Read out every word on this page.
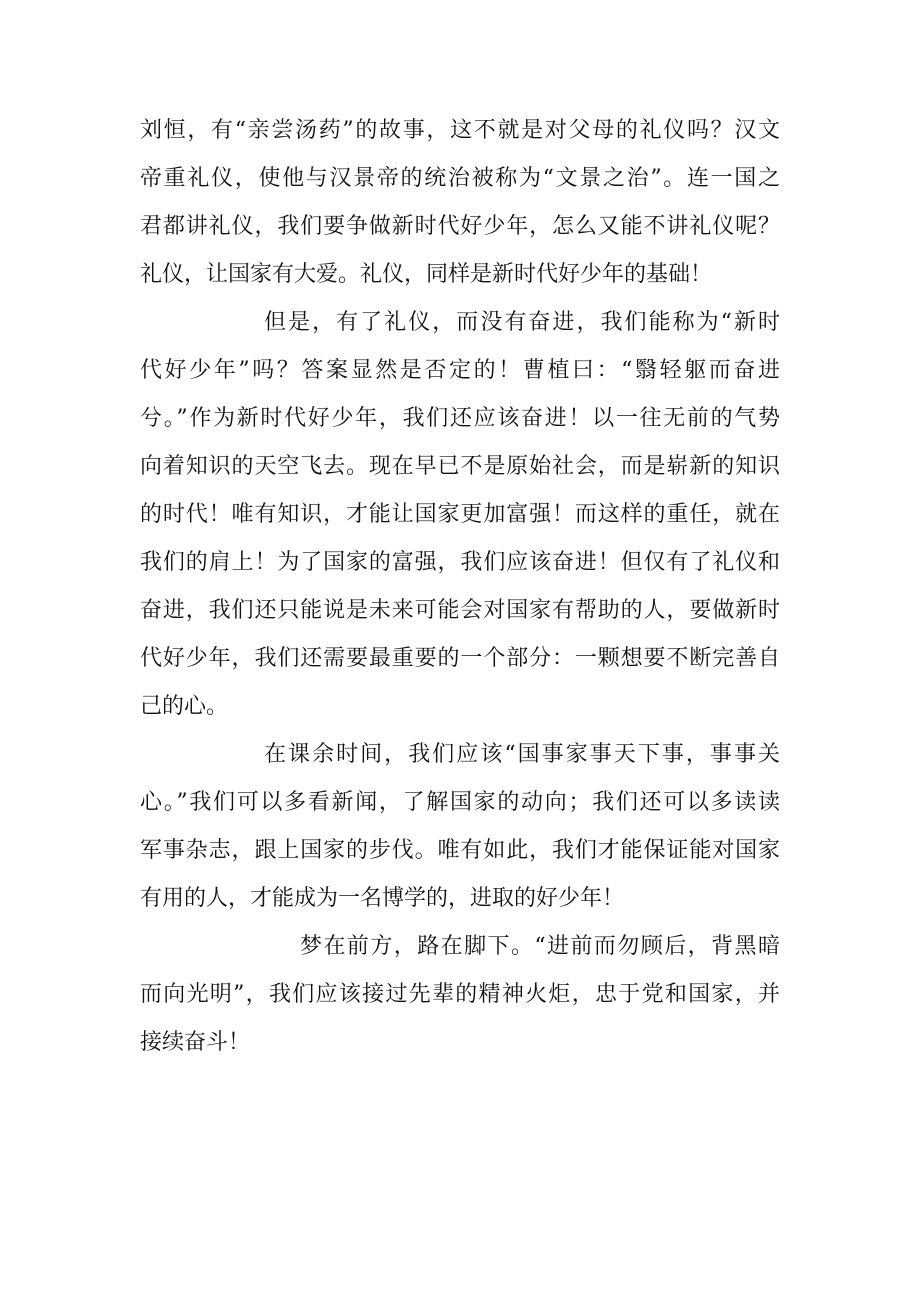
刘恒，有“亲尝汤药”的故事，这不就是对父母的礼仪吗？汉文
帝重礼仪，使他与汉景帝的统治被称为“文景之治”。连一国之
君都讲礼仪，我们要争做新时代好少年，怎么又能不讲礼仪呢？
礼仪，让国家有大爱。礼仪，同样是新时代好少年的基础！
但是，有了礼仪，而没有奋进，我们能称为“新时
代好少年”吗？答案显然是否定的！曹植曰：“翳轻躯而奋进
兮。”作为新时代好少年，我们还应该奋进！以一往无前的气势
向着知识的天空飞去。现在早已不是原始社会，而是崭新的知识
的时代！唯有知识，才能让国家更加富强！而这样的重任，就在
我们的肩上！为了国家的富强，我们应该奋进！但仅有了礼仪和
奋进，我们还只能说是未来可能会对国家有帮助的人，要做新时
代好少年，我们还需要最重要的一个部分：一颗想要不断完善自
己的心。
在课余时间，我们应该“国事家事天下事，事事关
心。”我们可以多看新闻，了解国家的动向；我们还可以多读读
军事杂志，跟上国家的步伐。唯有如此，我们才能保证能对国家
有用的人，才能成为一名博学的，进取的好少年！
梦在前方，路在脚下。“进前而勿顾后，背黑暗
而向光明”，我们应该接过先辈的精神火炬，忠于党和国家，并
接续奋斗！
